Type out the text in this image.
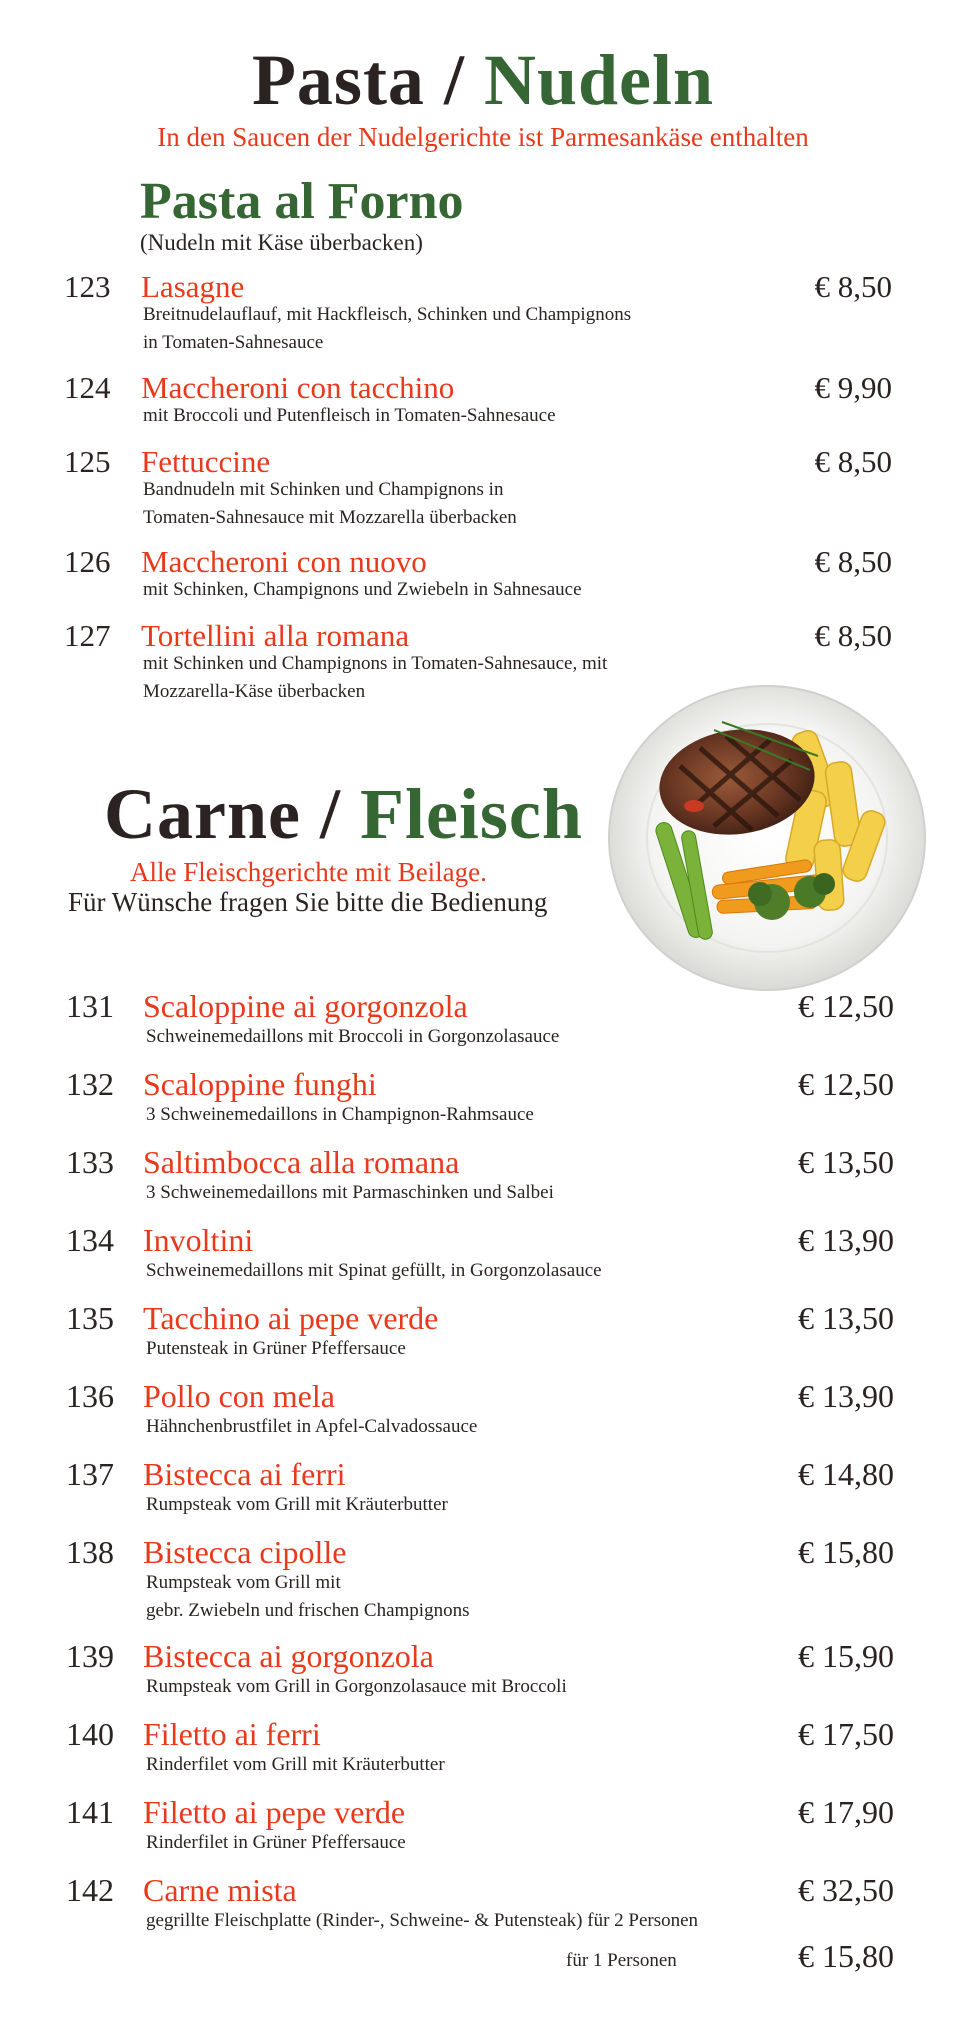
Pasta / Nudeln
In den Saucen der Nudelgerichte ist Parmesankäse enthalten
Pasta al Forno
(Nudeln mit Käse überbacken)
123 Lasagne	€ 8,50
Breitnudelauflauf, mit Hackfleisch, Schinken und Champignons
in Tomaten-Sahnesauce
124 Maccheroni con tacchino	€ 9,90
mit Broccoli und Putenfleisch in Tomaten-Sahnesauce
125 Fettuccine	€ 8,50
Bandnudeln mit Schinken und Champignons in
Tomaten-Sahnesauce mit Mozzarella überbacken
126 Maccheroni con nuovo	€ 8,50
mit Schinken, Champignons und Zwiebeln in Sahnesauce
127 Tortellini alla romana	€ 8,50
mit Schinken und Champignons in Tomaten-Sahnesauce, mit
Mozzarella-Käse überbacken
Carne / Fleisch
Alle Fleischgerichte mit Beilage.
Für Wünsche fragen Sie bitte die Bedienung
131 Scaloppine ai gorgonzola	€ 12,50
Schweinemedaillons mit Broccoli in Gorgonzolasauce
132 Scaloppine funghi	€ 12,50
3 Schweinemedaillons in Champignon-Rahmsauce
133 Saltimbocca alla romana	€ 13,50
3 Schweinemedaillons mit Parmaschinken und Salbei
134 Involtini	€ 13,90
Schweinemedaillons mit Spinat gefüllt, in Gorgonzolasauce
135 Tacchino ai pepe verde	€ 13,50
Putensteak in Grüner Pfeffersauce
136 Pollo con mela	€ 13,90
Hähnchenbrustfilet in Apfel-Calvadossauce
137 Bistecca ai ferri	€ 14,80
Rumpsteak vom Grill mit Kräuterbutter
138 Bistecca cipolle	€ 15,80
Rumpsteak vom Grill mit
gebr. Zwiebeln und frischen Champignons
139 Bistecca ai gorgonzola	€ 15,90
Rumpsteak vom Grill in Gorgonzolasauce mit Broccoli
140 Filetto ai ferri	€ 17,50
Rinderfilet vom Grill mit Kräuterbutter
141 Filetto ai pepe verde	€ 17,90
Rinderfilet in Grüner Pfeffersauce
142 Carne mista	€ 32,50
gegrillte Fleischplatte (Rinder-, Schweine- & Putensteak) für 2 Personen
für 1 Personen	€ 15,80
